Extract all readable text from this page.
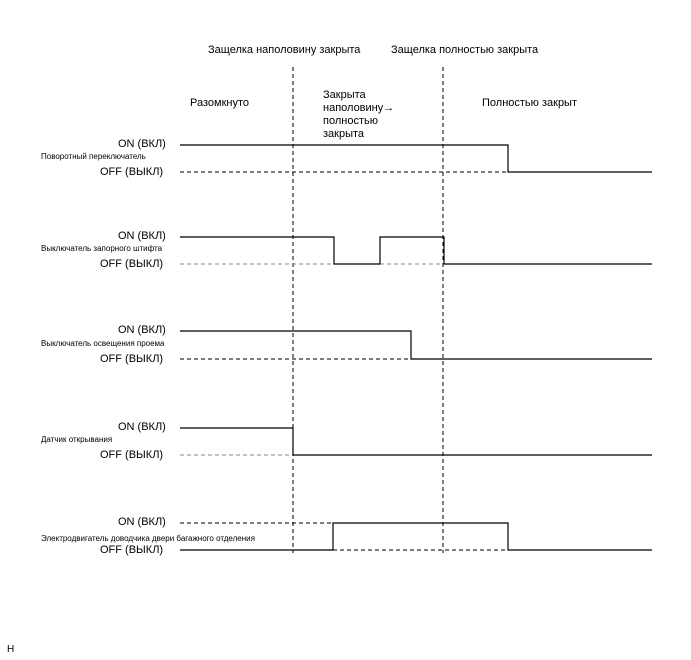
Защелка наполовину закрыта	Защелка полностью закрыта
Разомкнуто
Закрыта
наполовину→
полностью
закрыта
Полностью закрыт
ON (ВКЛ)
Поворотный переключатель
OFF (ВЫКЛ)
ON (ВКЛ)
Выключатель запорного штифта
OFF (ВЫКЛ)
ON (ВКЛ)
Выключатель освещения проема
OFF (ВЫКЛ)
ON (ВКЛ)
Датчик открывания
OFF (ВЫКЛ)
ON (ВКЛ)
Электродвигатель доводчика двери багажного отделения
OFF (ВЫКЛ)
H
